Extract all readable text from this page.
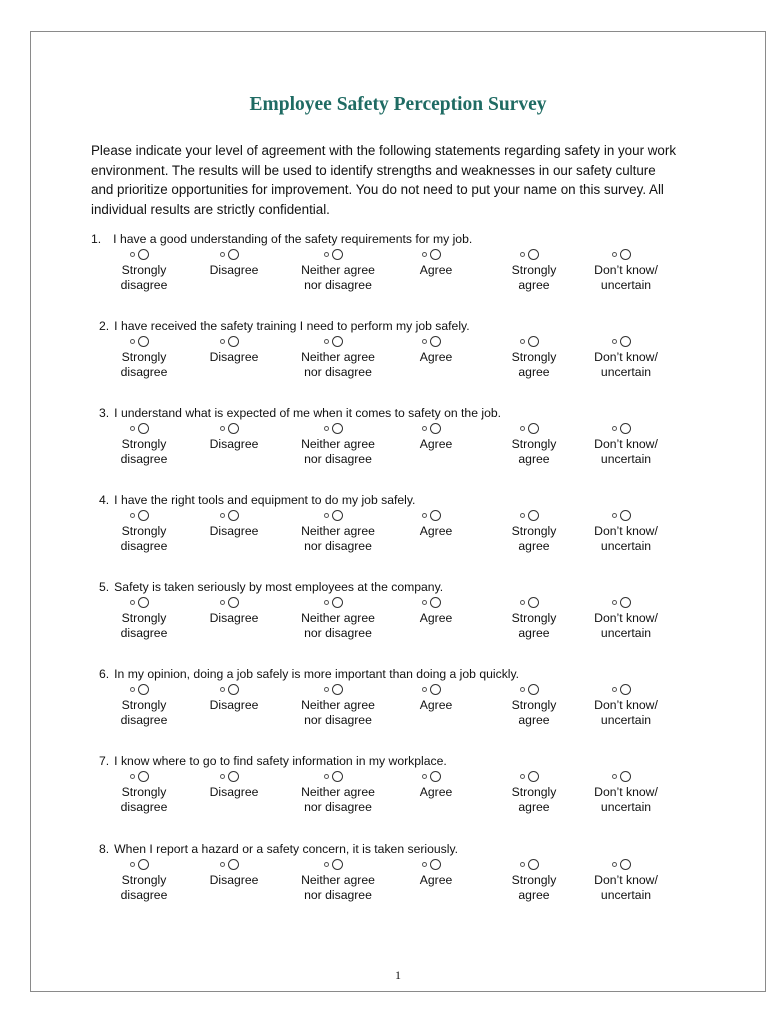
Employee Safety Perception Survey

Please indicate your level of agreement with the following statements regarding safety in your work environment. The results will be used to identify strengths and weaknesses in our safety culture and prioritize opportunities for improvement. You do not need to put your name on this survey. All individual results are strictly confidential.

1. I have a good understanding of the safety requirements for my job.
Strongly
disagree
Disagree	Neither agree
nor disagree
Agree	Strongly
agree
Don’t know/
uncertain
2. I have received the safety training I need to perform my job safely.
Strongly
disagree
Disagree	Neither agree
nor disagree
Agree	Strongly
agree
Don’t know/
uncertain
3. I understand what is expected of me when it comes to safety on the job.
Strongly
disagree
Disagree	Neither agree
nor disagree
Agree	Strongly
agree
Don’t know/
uncertain
4. I have the right tools and equipment to do my job safely.
Strongly
disagree
Disagree	Neither agree
nor disagree
Agree	Strongly
agree
Don’t know/
uncertain
5. Safety is taken seriously by most employees at the company.
Strongly
disagree
Disagree	Neither agree
nor disagree
Agree	Strongly
agree
Don’t know/
uncertain
6. In my opinion, doing a job safely is more important than doing a job quickly.
Strongly
disagree
Disagree	Neither agree
nor disagree
Agree	Strongly
agree
Don’t know/
uncertain
7. I know where to go to find safety information in my workplace.
Strongly
disagree
Disagree	Neither agree
nor disagree
Agree	Strongly
agree
Don’t know/
uncertain
8. When I report a hazard or a safety concern, it is taken seriously.
Strongly
disagree
Disagree	Neither agree
nor disagree
Agree	Strongly
agree
Don’t know/
uncertain
1
